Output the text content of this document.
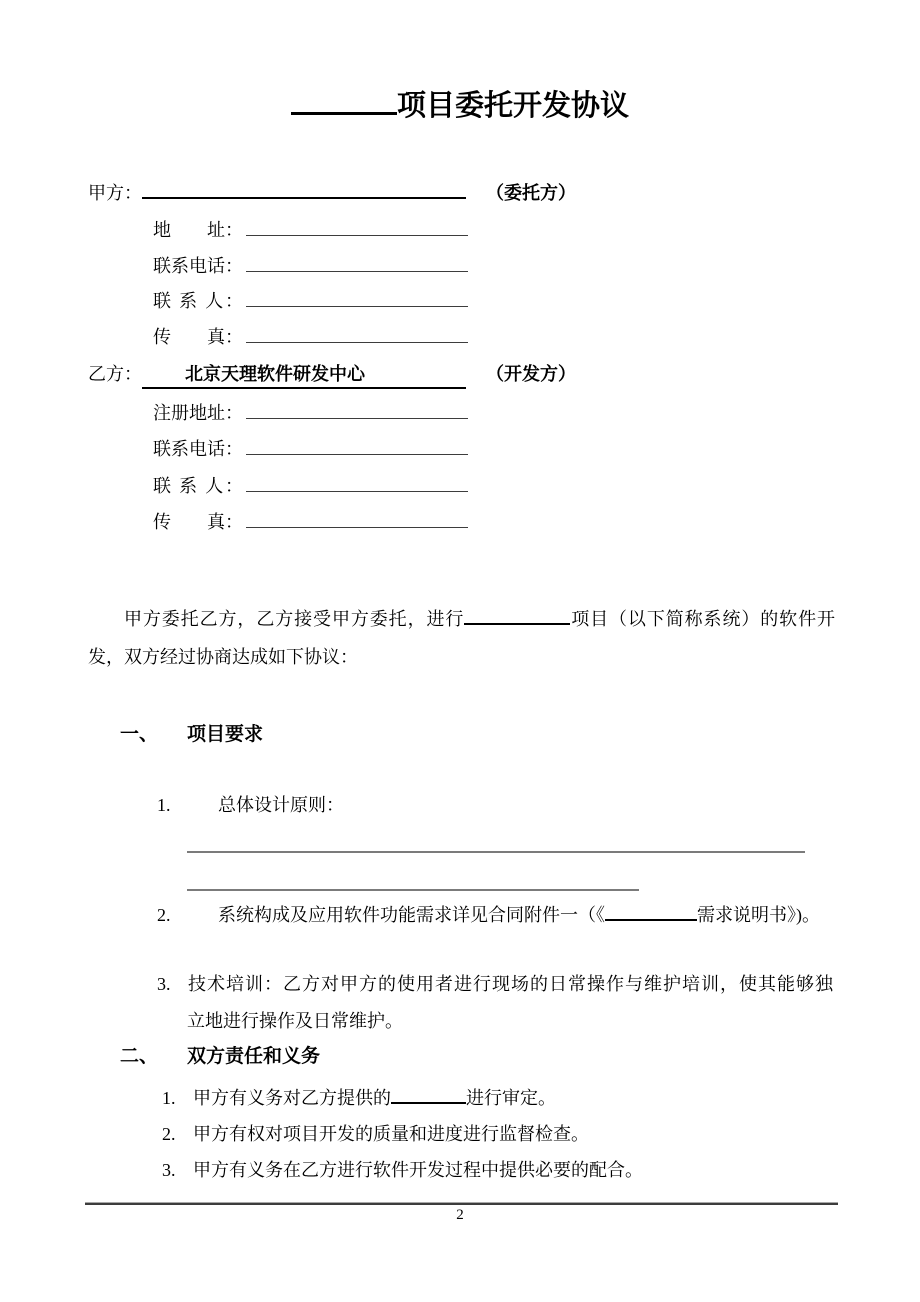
项目委托开发协议
甲方：	（委托方）
地　　址：
联系电话：
联 系 人：
传　　真：
乙方： 北京天理软件研发中心	（开发方）
注册地址：
联系电话：
联 系 人：
传　　真：
甲方委托乙方，乙方接受甲方委托，进行	项目（以下简称系统）的软件开
发，双方经过协商达成如下协议：
一、 项目要求
1.	总体设计原则：
2.	系统构成及应用软件功能需求详见合同附件一（《	需求说明书》)。
3. 技术培训：乙方对甲方的使用者进行现场的日常操作与维护培训，使其能够独
立地进行操作及日常维护。
二、 双方责任和义务
1. 甲方有义务对乙方提供的	进行审定。
2. 甲方有权对项目开发的质量和进度进行监督检查。
3. 甲方有义务在乙方进行软件开发过程中提供必要的配合。
2
